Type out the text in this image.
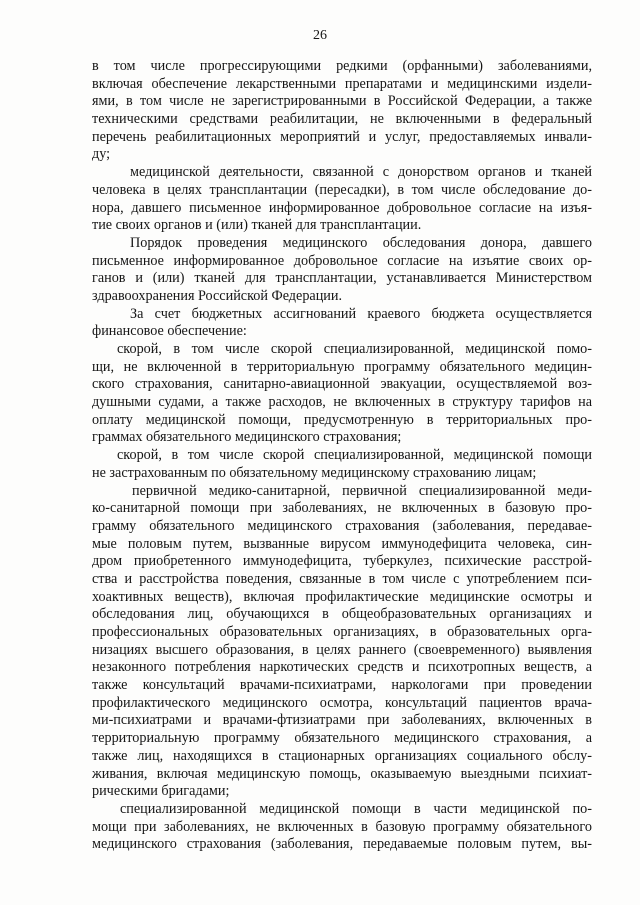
26
в том числе прогрессирующими редкими (орфанными) заболеваниями,
включая обеспечение лекарственными препаратами и медицинскими издели-
ями, в том числе не зарегистрированными в Российской Федерации, а также
техническими средствами реабилитации, не включенными в федеральный
перечень реабилитационных мероприятий и услуг, предоставляемых инвали-
ду;
медицинской деятельности, связанной с донорством органов и тканей
человека в целях трансплантации (пересадки), в том числе обследование до-
нора, давшего письменное информированное добровольное согласие на изъя-
тие своих органов и (или) тканей для трансплантации.
Порядок проведения медицинского обследования донора, давшего
письменное информированное добровольное согласие на изъятие своих ор-
ганов и (или) тканей для трансплантации, устанавливается Министерством
здравоохранения Российской Федерации.
За счет бюджетных ассигнований краевого бюджета осуществляется
финансовое обеспечение:
скорой, в том числе скорой специализированной, медицинской помо-
щи, не включенной в территориальную программу обязательного медицин-
ского страхования, санитарно-авиационной эвакуации, осуществляемой воз-
душными судами, а также расходов, не включенных в структуру тарифов на
оплату медицинской помощи, предусмотренную в территориальных про-
граммах обязательного медицинского страхования;
скорой, в том числе скорой специализированной, медицинской помощи
не застрахованным по обязательному медицинскому страхованию лицам;
первичной медико-санитарной, первичной специализированной меди-
ко-санитарной помощи при заболеваниях, не включенных в базовую про-
грамму обязательного медицинского страхования (заболевания, передавае-
мые половым путем, вызванные вирусом иммунодефицита человека, син-
дром приобретенного иммунодефицита, туберкулез, психические расстрой-
ства и расстройства поведения, связанные в том числе с употреблением пси-
хоактивных веществ), включая профилактические медицинские осмотры и
обследования лиц, обучающихся в общеобразовательных организациях и
профессиональных образовательных организациях, в образовательных орга-
низациях высшего образования, в целях раннего (своевременного) выявления
незаконного потребления наркотических средств и психотропных веществ, а
также консультаций врачами-психиатрами, наркологами при проведении
профилактического медицинского осмотра, консультаций пациентов врача-
ми-психиатрами и врачами-фтизиатрами при заболеваниях, включенных в
территориальную программу обязательного медицинского страхования, а
также лиц, находящихся в стационарных организациях социального обслу-
живания, включая медицинскую помощь, оказываемую выездными психиат-
рическими бригадами;
специализированной медицинской помощи в части медицинской по-
мощи при заболеваниях, не включенных в базовую программу обязательного
медицинского страхования (заболевания, передаваемые половым путем, вы-
